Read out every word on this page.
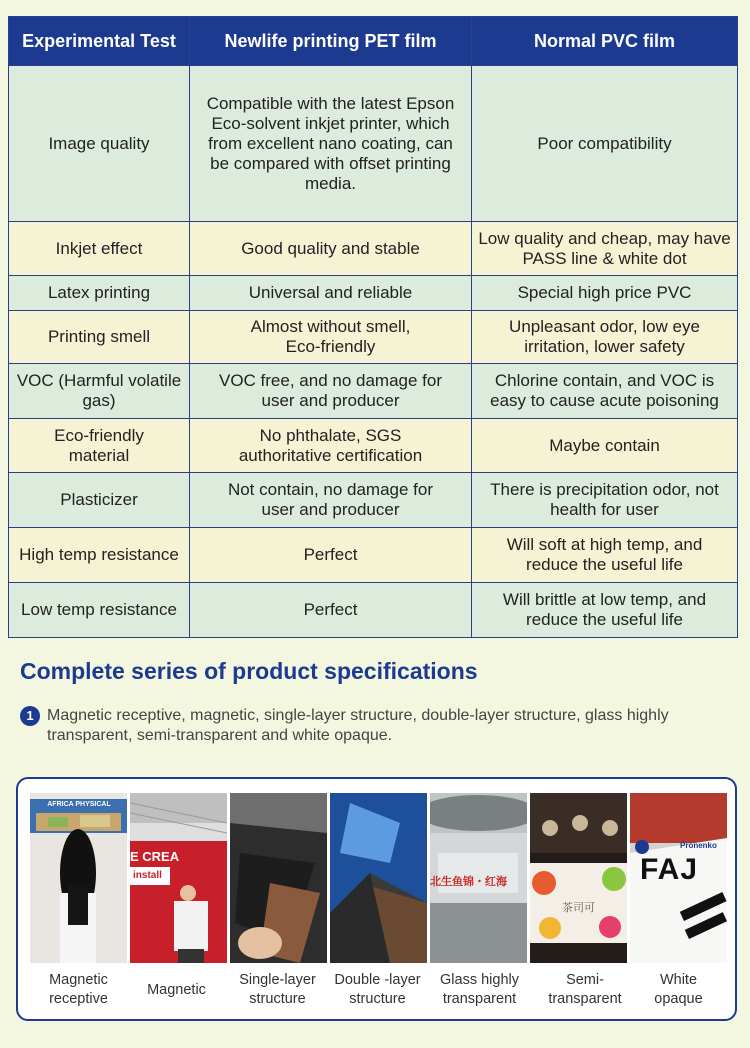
Experimental Test	Newlife printing PET film	Normal PVC film
Image quality	Compatible with the latest Epson Eco-solvent inkjet printer, which from excellent nano coating, can be compared with offset printing media.	Poor compatibility
Inkjet effect	Good quality and stable	Low quality and cheap, may have PASS line & white dot
Latex printing	Universal and reliable	Special high price PVC
Printing smell	Almost without smell, Eco-friendly	Unpleasant odor, low eye irritation, lower safety
VOC (Harmful volatile gas)	VOC free, and no damage for user and producer	Chlorine contain, and VOC is easy to cause acute poisoning
Eco-friendly material	No phthalate, SGS authoritative certification	Maybe contain
Plasticizer	Not contain, no damage for user and producer	There is precipitation odor, not health for user
High temp resistance	Perfect	Will soft at high temp, and reduce the useful life
Low temp resistance	Perfect	Will brittle at low temp, and reduce the useful life
Complete series of product specifications
1 Magnetic receptive, magnetic, single-layer structure, double-layer structure, glass highly transparent, semi-transparent and white opaque.
AFRICA PHYSICAL
E CREA
install
北生鱼锦・红海
茶司可
Pronenko
FAJ
Magnetic receptive
Magnetic
Single-layer structure
Double -layer structure
Glass highly transparent
Semi- transparent
White opaque
